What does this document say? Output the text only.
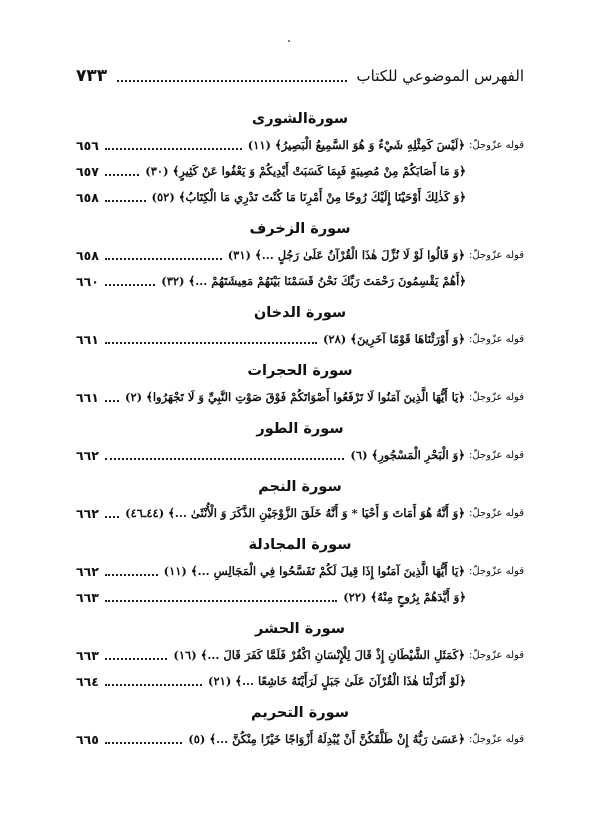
٧٣٣	الفهرس الموضوعي للكتاب
سورةالشورى
قوله عزّوجلّ:
﴿لَيْسَ كَمِثْلِهِ شَيْءٌ وَ هُوَ السَّمِيعُ الْبَصِيرُ﴾ (١١)
٦٥٦
﴿وَ مَا أَصَابَكُمْ مِنْ مُصِيبَةٍ فَبِمَا كَسَبَتْ أَيْدِيكُمْ وَ يَعْفُوا عَنْ كَثِيرٍ﴾ (٣٠)
٦٥٧
﴿وَ كَذٰلِكَ أَوْحَيْنَا إِلَيْكَ رُوحًا مِنْ أَمْرِنَا مَا كُنْتَ تَدْرِي مَا الْكِتَابُ﴾ (٥٢)
٦٥٨
سورة الزخرف
قوله عزّوجلّ:
﴿وَ قَالُوا لَوْ لَا نُزِّلَ هٰذَا الْقُرْآنُ عَلَىٰ رَجُلٍ ...﴾ (٣١)
٦٥٨
﴿أَهُمْ يَقْسِمُونَ رَحْمَتَ رَبِّكَ نَحْنُ قَسَمْنَا بَيْنَهُمْ مَعِيشَتَهُمْ ...﴾ (٣٢)
٦٦٠
سورة الدخان
قوله عزّوجلّ:
﴿وَ أَوْرَثْنَاهَا قَوْمًا آخَرِينَ﴾ (٢٨)
٦٦١
سورة الحجرات
قوله عزّوجلّ:
﴿يَا أَيُّهَا الَّذِينَ آمَنُوا لَا تَرْفَعُوا أَصْوَاتَكُمْ فَوْقَ صَوْتِ النَّبِيِّ وَ لَا تَجْهَرُوا﴾ (٢)
٦٦١
سورة الطور
قوله عزّوجلّ:
﴿وَ الْبَحْرِ الْمَسْجُورِ﴾ (٦)
٦٦٢
سورة النجم
قوله عزّوجلّ:
﴿وَ أَنَّهُ هُوَ أَمَاتَ وَ أَحْيَا * وَ أَنَّهُ خَلَقَ الزَّوْجَيْنِ الذَّكَرَ وَ الْأُنْثَىٰ ...﴾ (٤٤ـ٤٦)
٦٦٢
سورة المجادلة
قوله عزّوجلّ:
﴿يَا أَيُّهَا الَّذِينَ آمَنُوا إِذَا قِيلَ لَكُمْ تَفَسَّحُوا فِي الْمَجَالِسِ ...﴾ (١١)
٦٦٢
﴿وَ أَيَّدَهُمْ بِرُوحٍ مِنْهُ﴾ (٢٢)
٦٦٣
سورة الحشر
قوله عزّوجلّ:
﴿كَمَثَلِ الشَّيْطَانِ إِذْ قَالَ لِلْإِنْسَانِ اكْفُرْ فَلَمَّا كَفَرَ قَالَ ...﴾ (١٦)
٦٦٣
﴿لَوْ أَنْزَلْنَا هٰذَا الْقُرْآنَ عَلَىٰ جَبَلٍ لَرَأَيْتَهُ خَاشِعًا ...﴾ (٢١)
٦٦٤
سورة التحريم
قوله عزّوجلّ:
﴿عَسَىٰ رَبُّهُ إِنْ طَلَّقَكُنَّ أَنْ يُبْدِلَهُ أَزْوَاجًا خَيْرًا مِنْكُنَّ ...﴾ (٥)
٦٦٥
